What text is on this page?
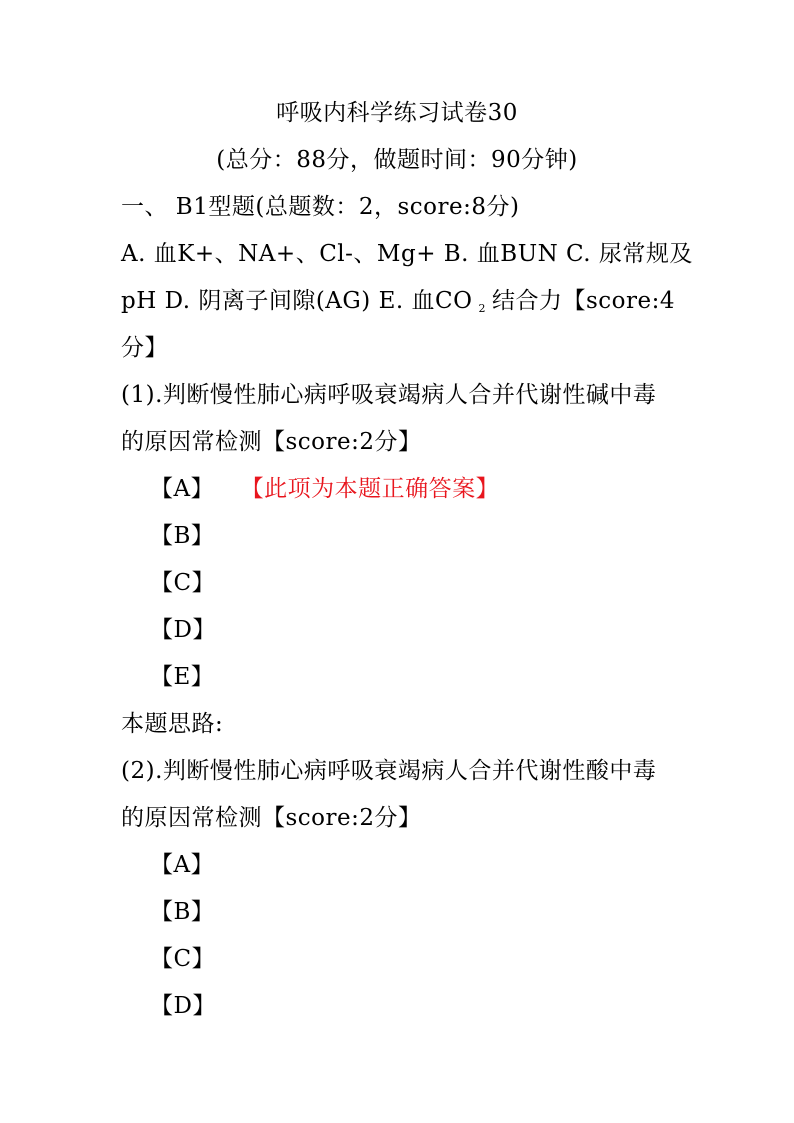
呼吸内科学练习试卷30
(总分：88分，做题时间：90分钟)
一、 B1型题(总题数：2，score:8分)
A. 血K+、NA+、Cl-、Mg+ B. 血BUN C. 尿常规及
pH D. 阴离子间隙(AG) E. 血CO $_2$ 结合力【score:4
分】
(1).判断慢性肺心病呼吸衰竭病人合并代谢性碱中毒
的原因常检测【score:2分】
【A】 【此项为本题正确答案】
【B】
【C】
【D】
【E】
本题思路:
(2).判断慢性肺心病呼吸衰竭病人合并代谢性酸中毒
的原因常检测【score:2分】
【A】
【B】
【C】
【D】
